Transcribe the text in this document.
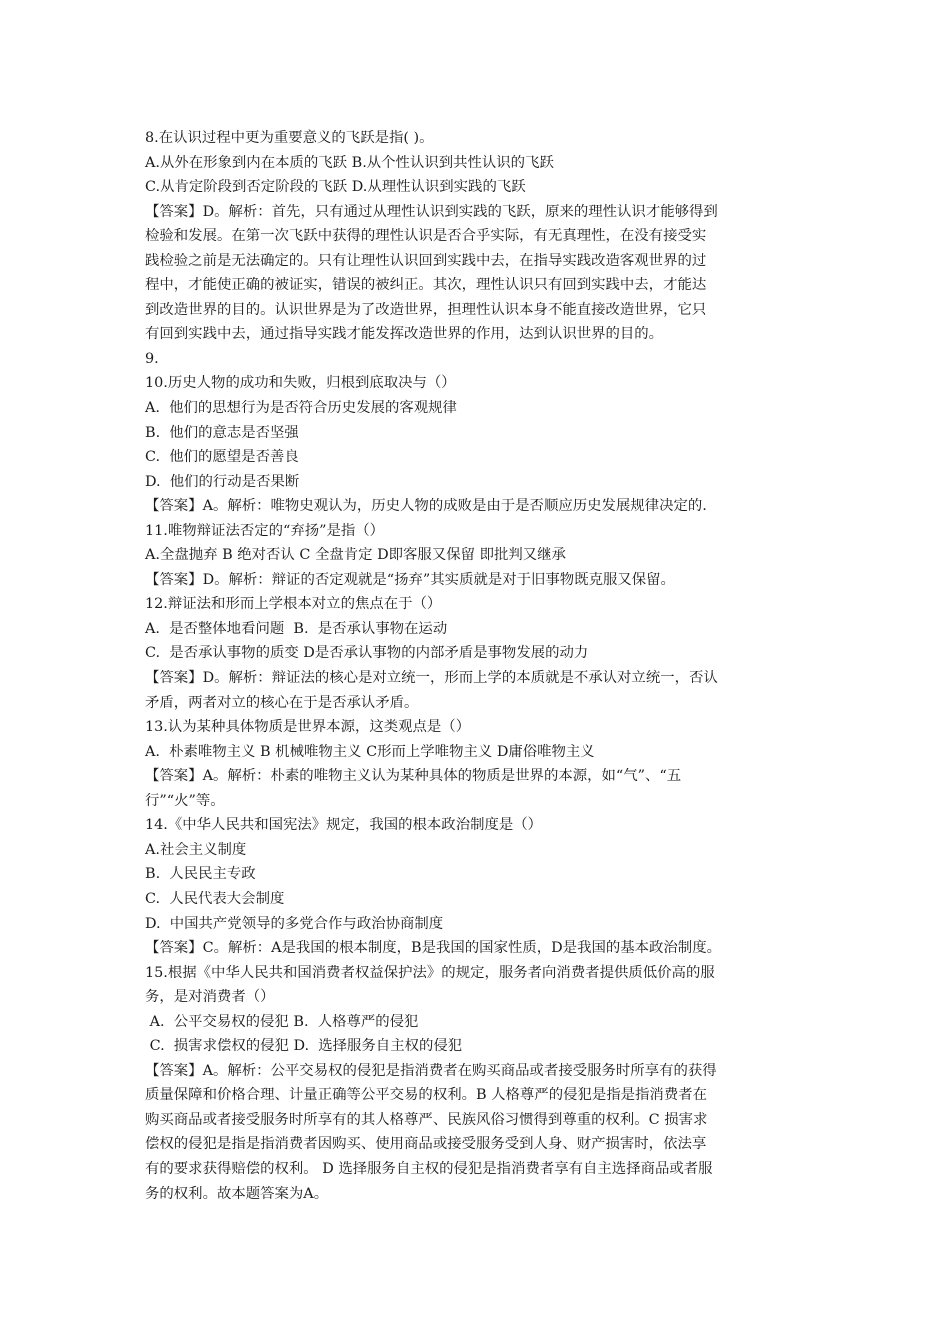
8.在认识过程中更为重要意义的飞跃是指( )。
A.从外在形象到内在本质的飞跃 B.从个性认识到共性认识的飞跃
C.从肯定阶段到否定阶段的飞跃 D.从理性认识到实践的飞跃
【答案】D。解析：首先，只有通过从理性认识到实践的飞跃，原来的理性认识才能够得到
检验和发展。在第一次飞跃中获得的理性认识是否合乎实际，有无真理性，在没有接受实
践检验之前是无法确定的。只有让理性认识回到实践中去，在指导实践改造客观世界的过
程中，才能使正确的被证实，错误的被纠正。其次，理性认识只有回到实践中去，才能达
到改造世界的目的。认识世界是为了改造世界，担理性认识本身不能直接改造世界，它只
有回到实践中去，通过指导实践才能发挥改造世界的作用，达到认识世界的目的。
9.
10.历史人物的成功和失败，归根到底取决与（）
A.  他们的思想行为是否符合历史发展的客观规律
B.  他们的意志是否坚强
C.  他们的愿望是否善良
D.  他们的行动是否果断
【答案】A。解析：唯物史观认为，历史人物的成败是由于是否顺应历史发展规律决定的.
11.唯物辩证法否定的“弃扬”是指（）
A.全盘抛弃 B 绝对否认 C 全盘肯定 D即客服又保留 即批判又继承
【答案】D。解析：辩证的否定观就是“扬弃”其实质就是对于旧事物既克服又保留。
12.辩证法和形而上学根本对立的焦点在于（）
A.  是否整体地看问题  B.  是否承认事物在运动
C.  是否承认事物的质变 D是否承认事物的内部矛盾是事物发展的动力
【答案】D。解析：辩证法的核心是对立统一，形而上学的本质就是不承认对立统一，否认
矛盾，两者对立的核心在于是否承认矛盾。
13.认为某种具体物质是世界本源，这类观点是（）
A.  朴素唯物主义 B 机械唯物主义 C形而上学唯物主义 D庸俗唯物主义
【答案】A。解析：朴素的唯物主义认为某种具体的物质是世界的本源，如“气”、“五
行”“火”等。
14.《中华人民共和国宪法》规定，我国的根本政治制度是（）
A.社会主义制度
B.  人民民主专政
C.  人民代表大会制度
D.  中国共产党领导的多党合作与政治协商制度
【答案】C。解析：A是我国的根本制度，B是我国的国家性质，D是我国的基本政治制度。
15.根据《中华人民共和国消费者权益保护法》的规定，服务者向消费者提供质低价高的服
务，是对消费者（）
A.  公平交易权的侵犯 B.  人格尊严的侵犯
C.  损害求偿权的侵犯 D.  选择服务自主权的侵犯
【答案】A。解析：公平交易权的侵犯是指消费者在购买商品或者接受服务时所享有的获得
质量保障和价格合理、计量正确等公平交易的权利。B 人格尊严的侵犯是指是指消费者在
购买商品或者接受服务时所享有的其人格尊严、民族风俗习惯得到尊重的权利。C 损害求
偿权的侵犯是指是指消费者因购买、使用商品或接受服务受到人身、财产损害时，依法享
有的要求获得赔偿的权利。 D 选择服务自主权的侵犯是指消费者享有自主选择商品或者服
务的权利。故本题答案为A。
